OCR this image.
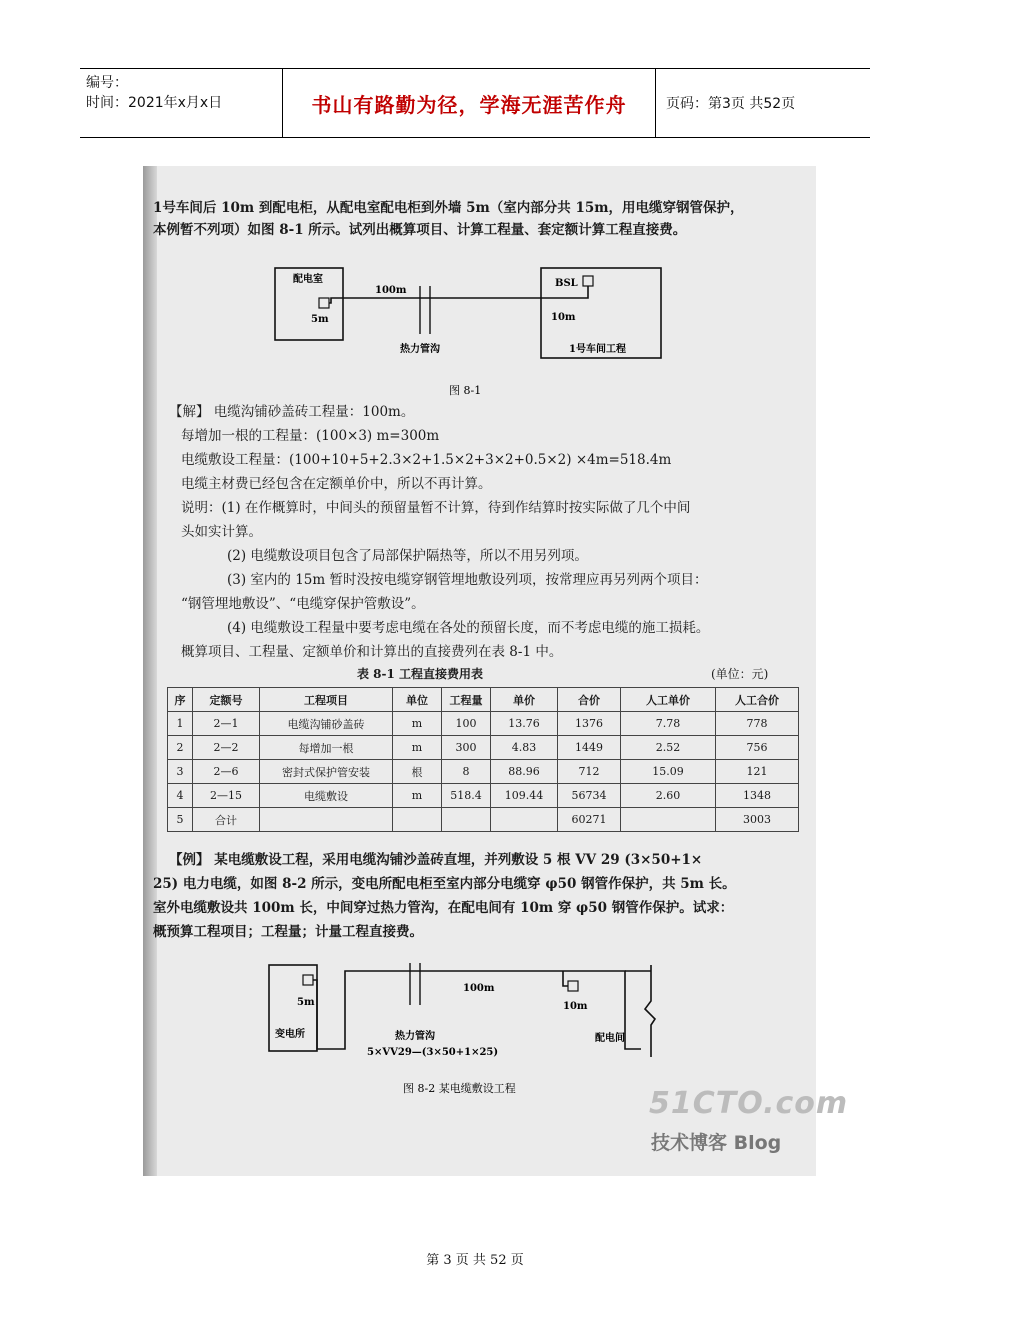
编号：
时间：2021年x月x日	书山有路勤为径，学海无涯苦作舟	页码：第3页 共52页
1号车间后 10m 到配电柜，从配电室配电柜到外墙 5m（室内部分共 15m，用电缆穿钢管保护，
本例暂不列项）如图 8-1 所示。试列出概算项目、计算工程量、套定额计算工程直接费。
配电室
100m
5m
热力管沟
BSL
10m
1号车间工程
图 8-1
【解】 电缆沟铺砂盖砖工程量：100m。
每增加一根的工程量：(100×3) m=300m
电缆敷设工程量：(100+10+5+2.3×2+1.5×2+3×2+0.5×2) ×4m=518.4m
电缆主材费已经包含在定额单价中，所以不再计算。
说明：(1) 在作概算时，中间头的预留量暂不计算，待到作结算时按实际做了几个中间
头如实计算。
(2) 电缆敷设项目包含了局部保护隔热等，所以不用另列项。
(3) 室内的 15m 暂时没按电缆穿钢管埋地敷设列项，按常理应再另列两个项目：
“钢管埋地敷设”、“电缆穿保护管敷设”。
(4) 电缆敷设工程量中要考虑电缆在各处的预留长度，而不考虑电缆的施工损耗。
概算项目、工程量、定额单价和计算出的直接费列在表 8-1 中。
表 8-1 工程直接费用表	(单位：元)
序	定额号	工程项目	单位	工程量	单价	合价	人工单价	人工合价
1	2—1	电缆沟铺砂盖砖	m	100	13.76	1376	7.78	778
2	2—2	每增加一根	m	300	4.83	1449	2.52	756
3	2—6	密封式保护管安装	根	8	88.96	712	15.09	121
4	2—15	电缆敷设	m	518.4	109.44	56734	2.60	1348
5	合计					60271		3003
【例】 某电缆敷设工程，采用电缆沟铺沙盖砖直埋，并列敷设 5 根 VV 29 (3×50+1×
25) 电力电缆，如图 8-2 所示，变电所配电柜至室内部分电缆穿 φ50 钢管作保护，共 5m 长。
室外电缆敷设共 100m 长，中间穿过热力管沟，在配电间有 10m 穿 φ50 钢管作保护。试求：
概预算工程项目；工程量；计量工程直接费。
5m
变电所
100m
10m
配电间
热力管沟
5×VV29—(3×50+1×25)
图 8-2 某电缆敷设工程	51CTO.com
技术博客 Blog
第 3 页 共 52 页
